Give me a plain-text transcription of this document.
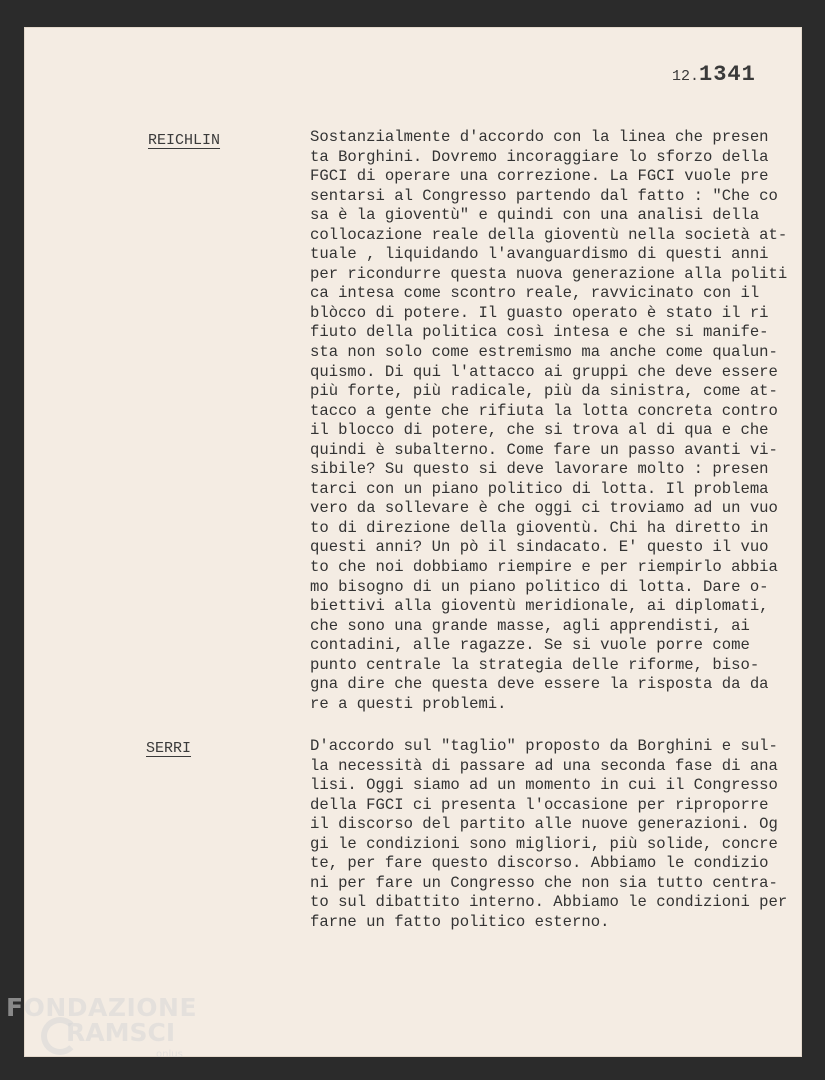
12.1341
REICHLIN	Sostanzialmente d'accordo con la linea che presen
ta Borghini. Dovremo incoraggiare lo sforzo della
FGCI di operare una correzione. La FGCI vuole pre
sentarsi al Congresso partendo dal fatto : "Che co
sa è la gioventù" e quindi con una analisi della
collocazione reale della gioventù nella società at-
tuale , liquidando l'avanguardismo di questi anni
per ricondurre questa nuova generazione alla politi
ca intesa come scontro reale, ravvicinato con il
blòcco di potere. Il guasto operato è stato il ri
fiuto della politica così intesa e che si manife-
sta non solo come estremismo ma anche come qualun-
quismo. Di qui l'attacco ai gruppi che deve essere
più forte, più radicale, più da sinistra, come at-
tacco a gente che rifiuta la lotta concreta contro
il blocco di potere, che si trova al di qua e che
quindi è subalterno. Come fare un passo avanti vi-
sibile? Su questo si deve lavorare molto : presen
tarci con un piano politico di lotta. Il problema
vero da sollevare è che oggi ci troviamo ad un vuo
to di direzione della gioventù. Chi ha diretto in
questi anni? Un pò il sindacato. E' questo il vuo
to che noi dobbiamo riempire e per riempirlo abbia
mo bisogno di un piano politico di lotta. Dare o-
biettivi alla gioventù meridionale, ai diplomati,
che sono una grande masse, agli apprendisti, ai
contadini, alle ragazze. Se si vuole porre come
punto centrale la strategia delle riforme, biso-
gna dire che questa deve essere la risposta da da
re a questi problemi.
SERRI	D'accordo sul "taglio" proposto da Borghini e sul-
la necessità di passare ad una seconda fase di ana
lisi. Oggi siamo ad un momento in cui il Congresso
della FGCI ci presenta l'occasione per riproporre
il discorso del partito alle nuove generazioni. Og
gi le condizioni sono migliori, più solide, concre
te, per fare questo discorso. Abbiamo le condizio
ni per fare un Congresso che non sia tutto centra-
to sul dibattito interno. Abbiamo le condizioni per
farne un fatto politico esterno.
FONDAZIONE
RAMSCI
onlus
